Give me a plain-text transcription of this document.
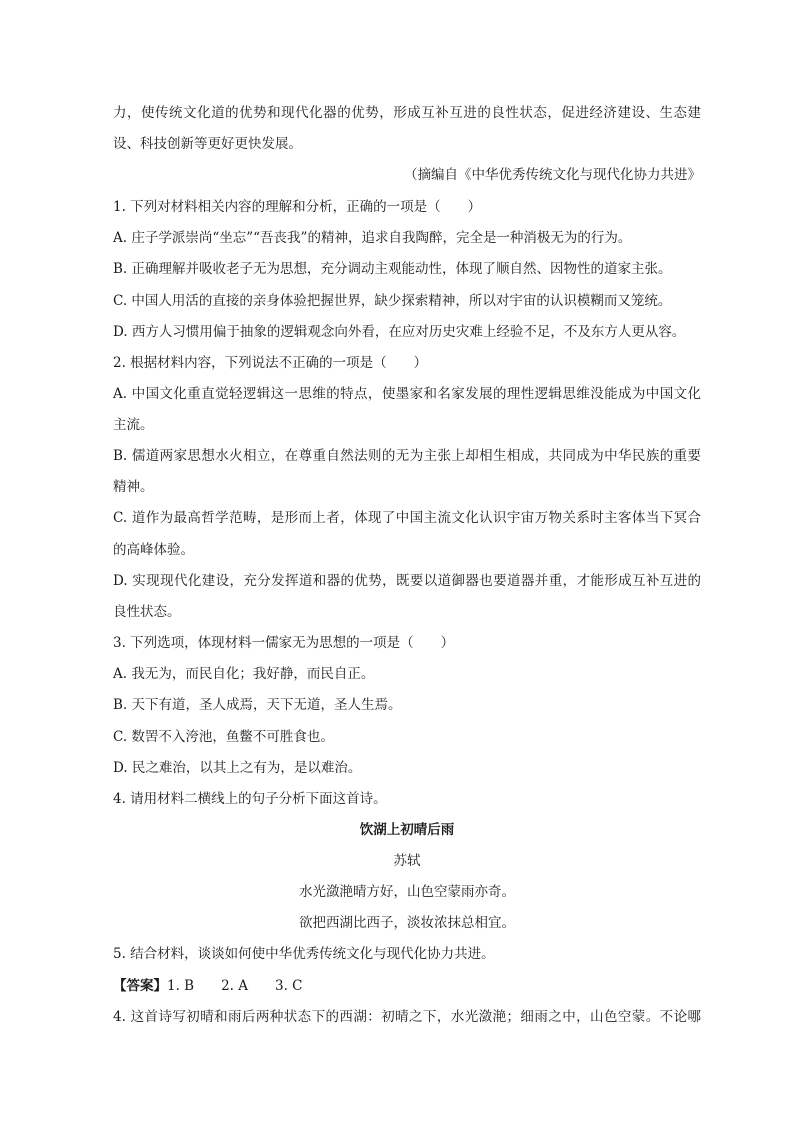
力，使传统文化道的优势和现代化器的优势，形成互补互进的良性状态，促进经济建设、生态建
设、科技创新等更好更快发展。
（摘编自《中华优秀传统文化与现代化协力共进》
1. 下列对材料相关内容的理解和分析，正确的一项是（　　）
A. 庄子学派崇尚“坐忘”“吾丧我”的精神，追求自我陶醉，完全是一种消极无为的行为。
B. 正确理解并吸收老子无为思想，充分调动主观能动性，体现了顺自然、因物性的道家主张。
C. 中国人用活的直接的亲身体验把握世界，缺少探索精神，所以对宇宙的认识模糊而又笼统。
D. 西方人习惯用偏于抽象的逻辑观念向外看，在应对历史灾难上经验不足，不及东方人更从容。
2. 根据材料内容，下列说法不正确的一项是（　　）
A. 中国文化重直觉轻逻辑这一思维的特点，使墨家和名家发展的理性逻辑思维没能成为中国文化
主流。
B. 儒道两家思想水火相立，在尊重自然法则的无为主张上却相生相成，共同成为中华民族的重要
精神。
C. 道作为最高哲学范畴，是形而上者，体现了中国主流文化认识宇宙万物关系时主客体当下冥合
的高峰体验。
D. 实现现代化建设，充分发挥道和器的优势，既要以道御器也要道器并重，才能形成互补互进的
良性状态。
3. 下列选项，体现材料一儒家无为思想的一项是（　　）
A. 我无为，而民自化；我好静，而民自正。
B. 天下有道，圣人成焉，天下无道，圣人生焉。
C. 数罟不入洿池，鱼鳖不可胜食也。
D. 民之难治，以其上之有为，是以难治。
4. 请用材料二横线上的句子分析下面这首诗。
饮湖上初晴后雨
苏轼
水光潋滟晴方好，山色空蒙雨亦奇。
欲把西湖比西子，淡妆浓抹总相宜。
5. 结合材料，谈谈如何使中华优秀传统文化与现代化协力共进。
【答案】1. B　　2. A　　3. C
4. 这首诗写初晴和雨后两种状态下的西湖：初晴之下，水光潋滟；细雨之中，山色空蒙。不论哪
